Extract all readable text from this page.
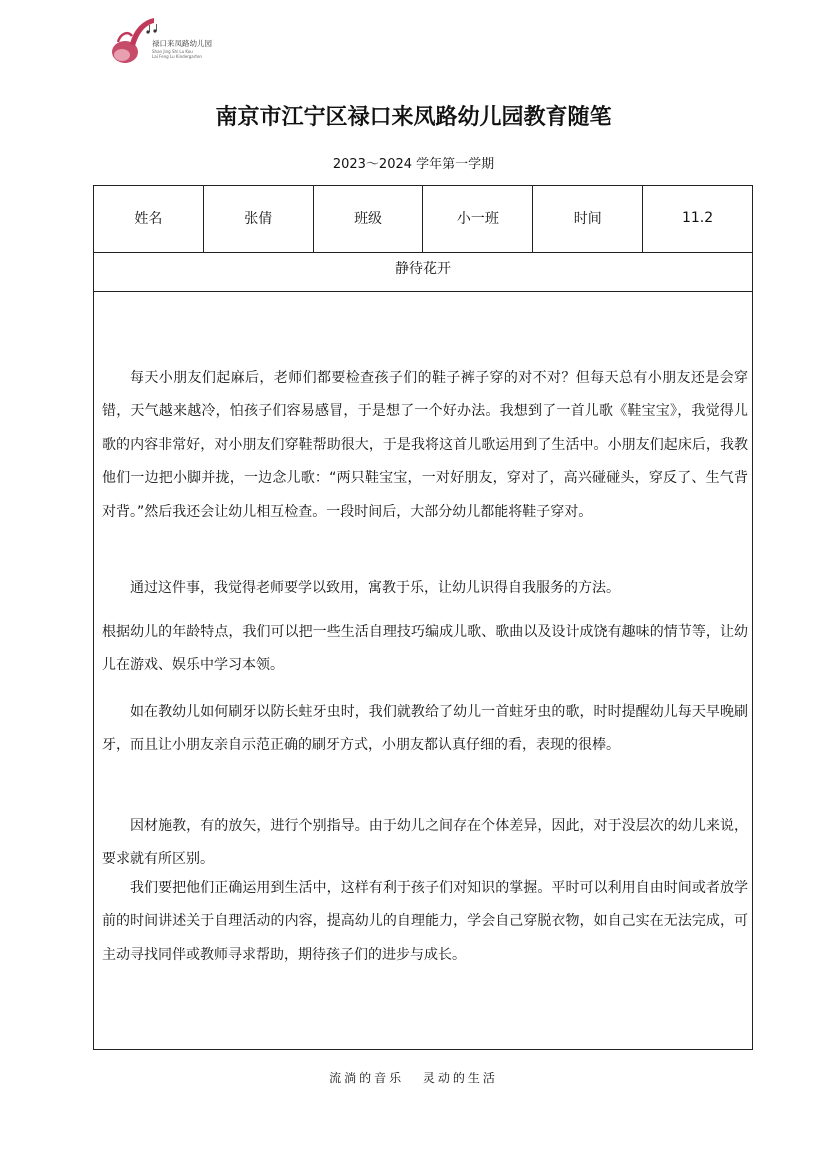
禄口来凤路幼儿园
Shan Jing Shi Lu Kou
Lai Feng Lu Kindergarten
南京市江宁区禄口来凤路幼儿园教育随笔
2023～2024 学年第一学期
姓名	张倩	班级	小一班	时间	11.2
静待花开

每天小朋友们起麻后，老师们都要检查孩子们的鞋子裤子穿的对不对？但每天总有小朋友还是会穿错，天气越来越冷，怕孩子们容易感冒，于是想了一个好办法。我想到了一首儿歌《鞋宝宝》，我觉得儿歌的内容非常好，对小朋友们穿鞋帮助很大，于是我将这首儿歌运用到了生活中。小朋友们起床后，我教他们一边把小脚并拢，一边念儿歌：“两只鞋宝宝，一对好朋友，穿对了，高兴碰碰头，穿反了、生气背对背。”然后我还会让幼儿相互检查。一段时间后，大部分幼儿都能将鞋子穿对。

通过这件事，我觉得老师要学以致用，寓教于乐，让幼儿识得自我服务的方法。

根据幼儿的年龄特点，我们可以把一些生活自理技巧编成儿歌、歌曲以及设计成饶有趣味的情节等，让幼儿在游戏、娱乐中学习本领。

如在教幼儿如何刷牙以防长蛀牙虫时，我们就教给了幼儿一首蛀牙虫的歌，时时提醒幼儿每天早晚刷牙，而且让小朋友亲自示范正确的刷牙方式，小朋友都认真仔细的看，表现的很棒。

因材施教，有的放矢，进行个别指导。由于幼儿之间存在个体差异，因此，对于没层次的幼儿来说，要求就有所区别。

我们要把他们正确运用到生活中，这样有利于孩子们对知识的掌握。平时可以利用自由时间或者放学前的时间讲述关于自理活动的内容，提高幼儿的自理能力，学会自己穿脱衣物，如自己实在无法完成，可主动寻找同伴或教师寻求帮助，期待孩子们的进步与成长。

流淌的音乐 灵动的生活
